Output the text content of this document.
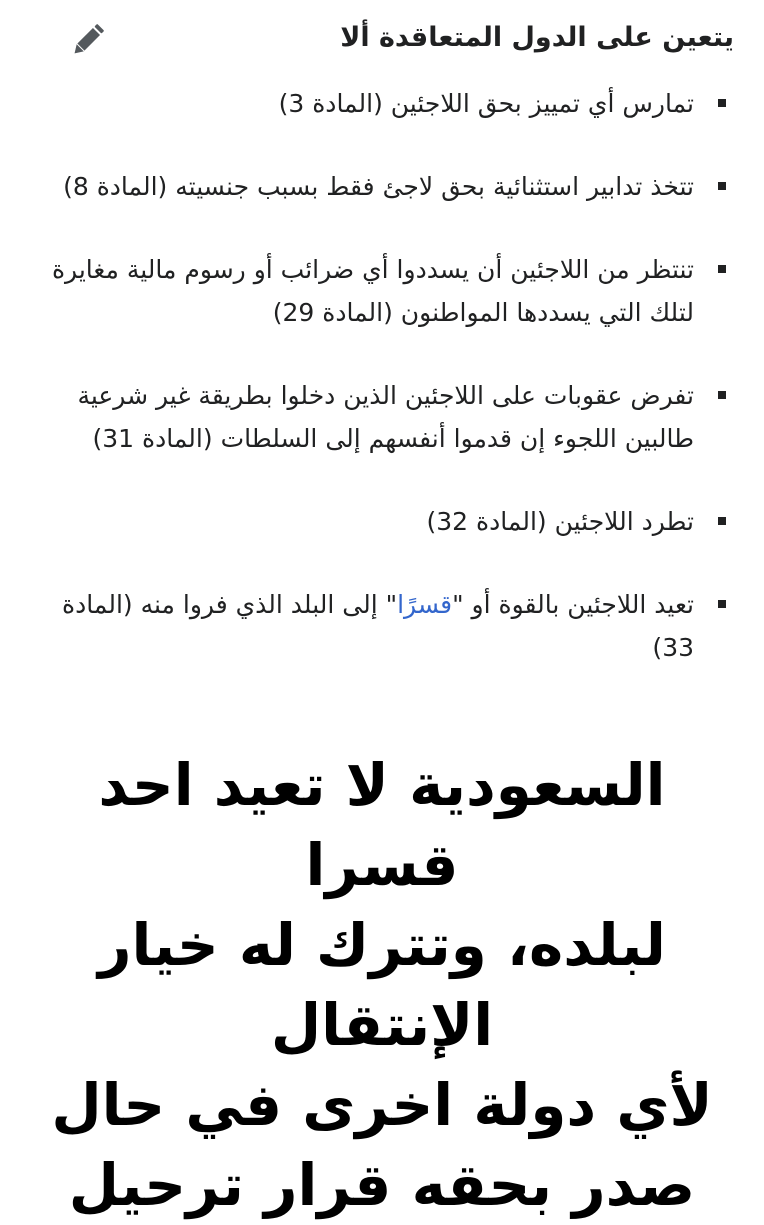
يتعين على الدول المتعاقدة ألا
تمارس أي تمييز بحق اللاجئين (المادة 3)
تتخذ تدابير استثنائية بحق لاجئ فقط بسبب جنسيته (المادة 8)
تنتظر من اللاجئين أن يسددوا أي ضرائب أو رسوم مالية مغايرة لتلك التي يسددها المواطنون (المادة 29)
تفرض عقوبات على اللاجئين الذين دخلوا بطريقة غير شرعية طالبين اللجوء إن قدموا أنفسهم إلى السلطات (المادة 31)
تطرد اللاجئين (المادة 32)
تعيد اللاجئين بالقوة أو "قسرًا" إلى البلد الذي فروا منه (المادة 33)
السعودية لا تعيد احد قسرا
لبلده، وتترك له خيار الإنتقال
لأي دولة اخرى في حال
صدر بحقه قرار ترحيل
